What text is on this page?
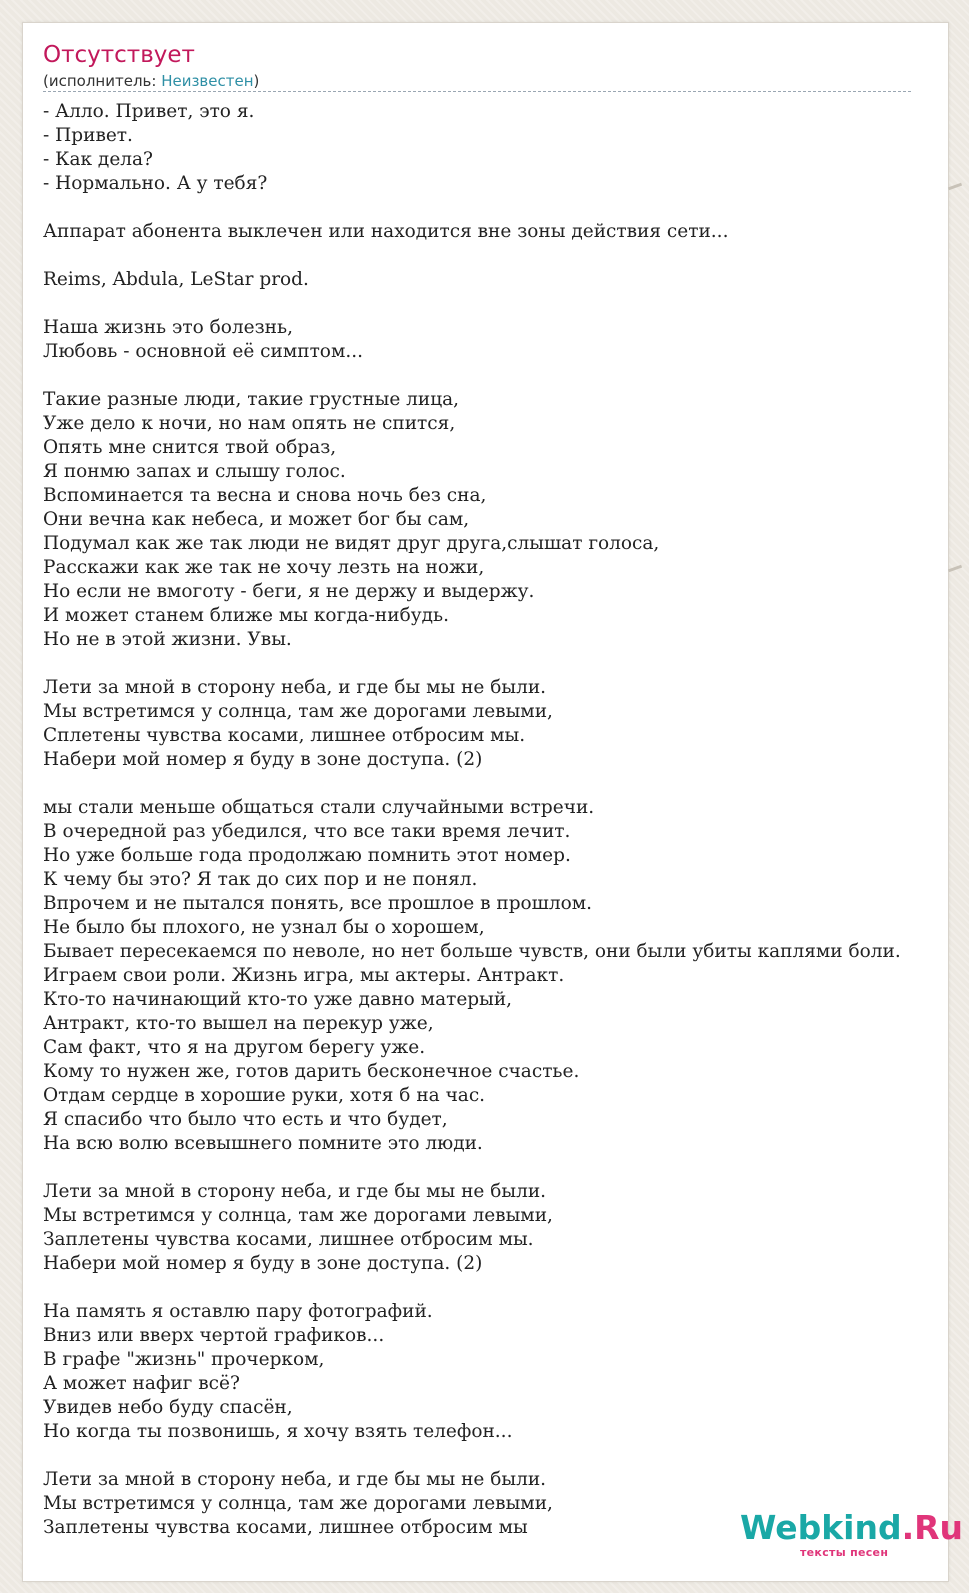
Отсутствует
(исполнитель: Неизвестен)
- Алло. Привет, это я.
- Привет.
- Как дела?
- Нормально. А у тебя?

Аппарат абонента выклечен или находится вне зоны действия сети...

Reims, Abdula, LeStar prod.

Наша жизнь это болезнь,
Любовь - основной её симптом...

Такие разные люди, такие грустные лица,
Уже дело к ночи, но нам опять не спится,
Опять мне снится твой образ,
Я понмю запах и слышу голос.
Вспоминается та весна и снова ночь без сна,
Они вечна как небеса, и может бог бы сам,
Подумал как же так люди не видят друг друга,слышат голоса,
Расскажи как же так не хочу лезть на ножи,
Но если не вмоготу - беги, я не держу и выдержу.
И может станем ближе мы когда-нибудь.
Но не в этой жизни. Увы.

Лети за мной в сторону неба, и где бы мы не были.
Мы встретимся у солнца, там же дорогами левыми,
Сплетены чувства косами, лишнее отбросим мы.
Набери мой номер я буду в зоне доступа. (2)

мы стали меньше общаться стали случайными встречи.
В очередной раз убедился, что все таки время лечит.
Но уже больше года продолжаю помнить этот номер.
К чему бы это? Я так до сих пор и не понял.
Впрочем и не пытался понять, все прошлое в прошлом.
Не было бы плохого, не узнал бы о хорошем,
Бывает пересекаемся по неволе, но нет больше чувств, они были убиты каплями боли.
Играем свои роли. Жизнь игра, мы актеры. Антракт.
Кто-то начинающий кто-то уже давно матерый,
Антракт, кто-то вышел на перекур уже,
Сам факт, что я на другом берегу уже.
Кому то нужен же, готов дарить бесконечное счастье.
Отдам сердце в хорошие руки, хотя б на час.
Я спасибо что было что есть и что будет,
На всю волю всевышнего помните это люди.

Лети за мной в сторону неба, и где бы мы не были.
Мы встретимся у солнца, там же дорогами левыми,
Заплетены чувства косами, лишнее отбросим мы.
Набери мой номер я буду в зоне доступа. (2)

На память я оставлю пару фотографий.
Вниз или вверх чертой графиков...
В графе "жизнь" прочерком,
А может нафиг всё?
Увидев небо буду спасён,
Но когда ты позвонишь, я хочу взять телефон...

Лети за мной в сторону неба, и где бы мы не были.
Мы встретимся у солнца, там же дорогами левыми,
Заплетены чувства косами, лишнее отбросим мы	Webkind.Ru
тексты песен
